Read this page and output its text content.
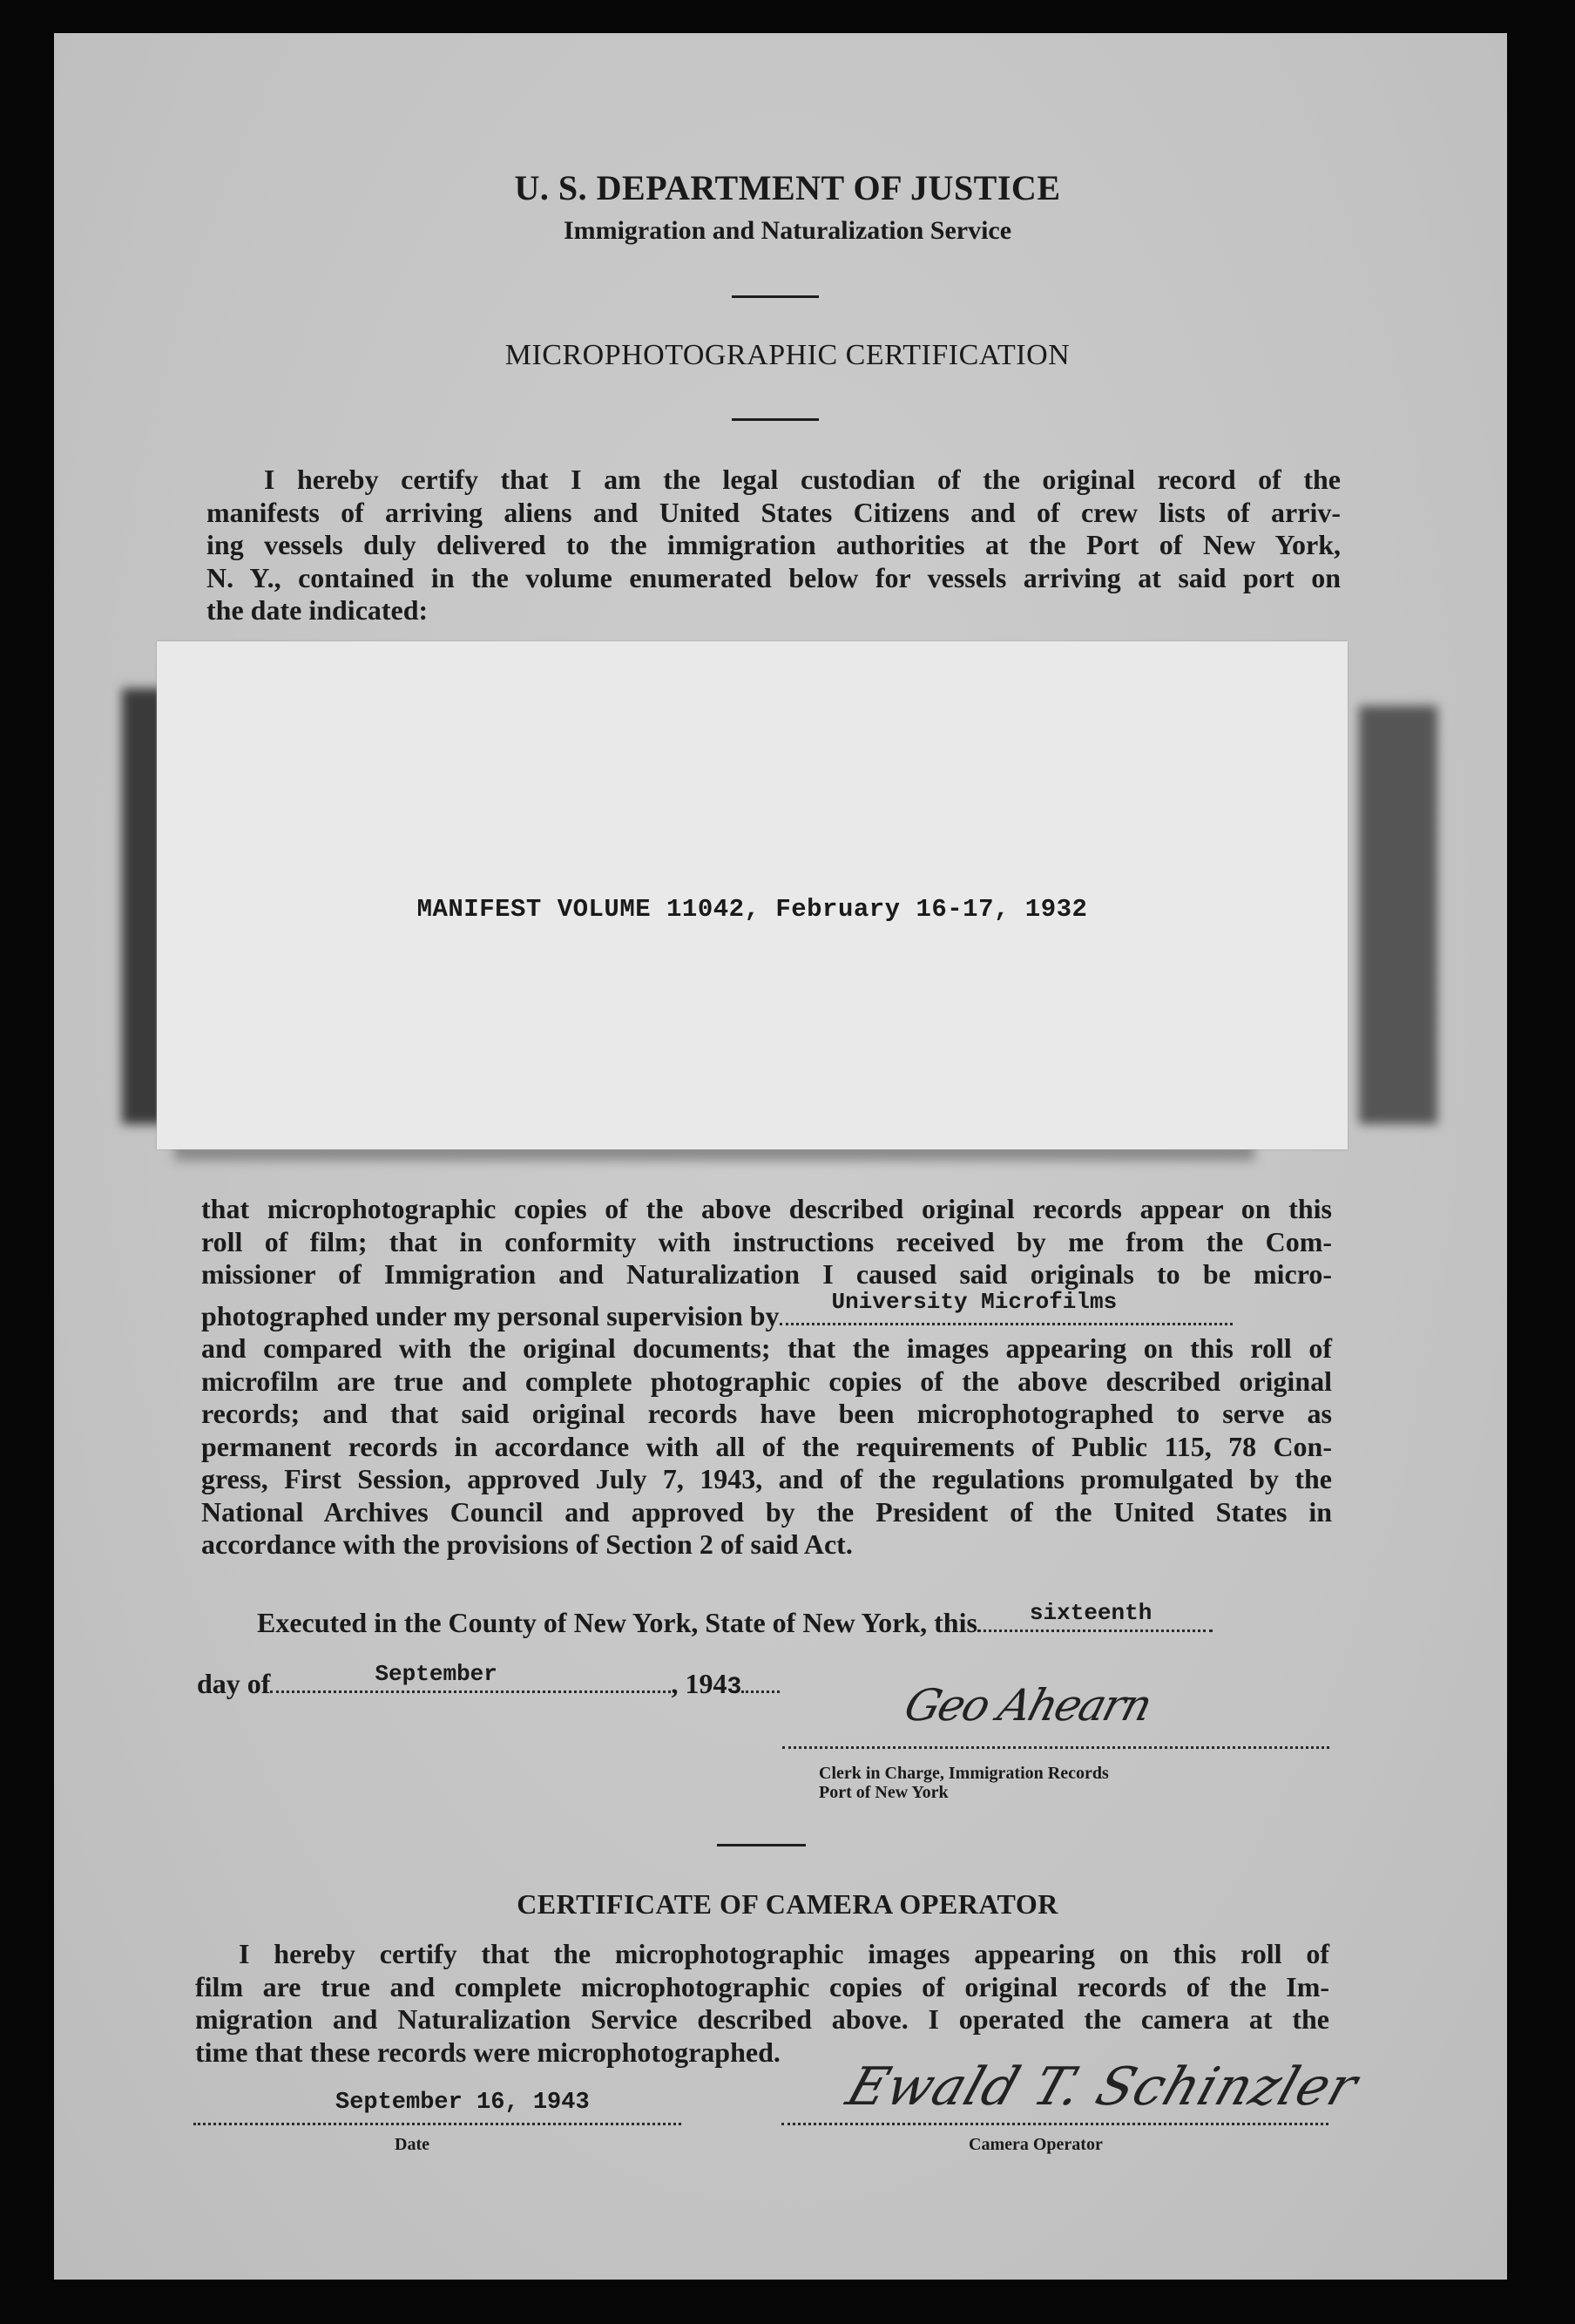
U. S. DEPARTMENT OF JUSTICE
Immigration and Naturalization Service
MICROPHOTOGRAPHIC CERTIFICATION
I hereby certify that I am the legal custodian of the original record of the
manifests of arriving aliens and United States Citizens and of crew lists of arriv-
ing vessels duly delivered to the immigration authorities at the Port of New York,
N. Y., contained in the volume enumerated below for vessels arriving at said port on
the date indicated:
MANIFEST VOLUME 11042, February 16-17, 1932
that microphotographic copies of the above described original records appear on this
roll of film; that in conformity with instructions received by me from the Com-
missioner of Immigration and Naturalization I caused said originals to be micro-
photographed under my personal supervision by University Microfilms
and compared with the original documents; that the images appearing on this roll of
microfilm are true and complete photographic copies of the above described original
records; and that said original records have been microphotographed to serve as
permanent records in accordance with all of the requirements of Public 115, 78 Con-
gress, First Session, approved July 7, 1943, and of the regulations promulgated by the
National Archives Council and approved by the President of the United States in
accordance with the provisions of Section 2 of said Act.
Executed in the County of New York, State of New York, this sixteenth
day of	September	, 1943	Geo Ahearn
Clerk in Charge, Immigration Records
Port of New York
CERTIFICATE OF CAMERA OPERATOR
I hereby certify that the microphotographic images appearing on this roll of
film are true and complete microphotographic copies of original records of the Im-
migration and Naturalization Service described above. I operated the camera at the
time that these records were microphotographed.
September 16, 1943
Date
Ewald T. Schinzler
Camera Operator
